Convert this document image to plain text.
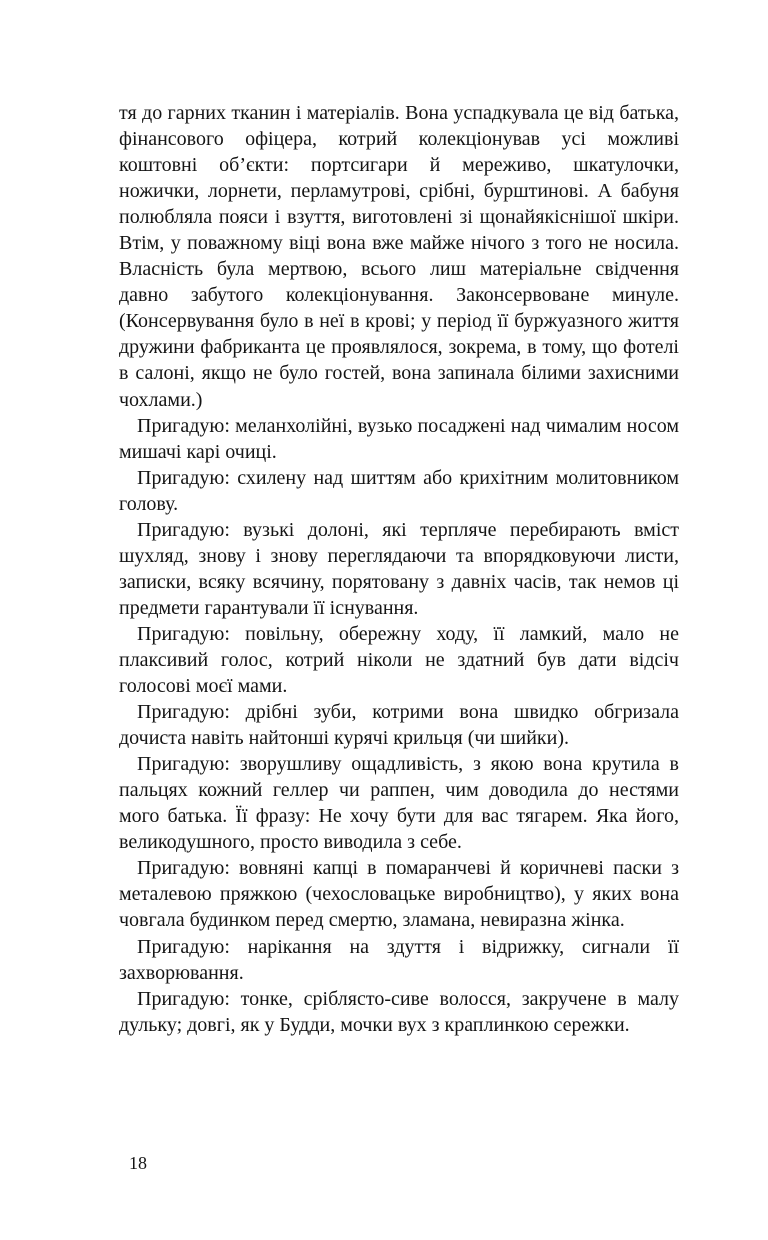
тя до гарних тканин і матеріалів. Вона успадкувала це від батька, фінансового офіцера, котрий колекціонував усі можливі коштовні об’єкти: портсигари й мереживо, шкатулочки, ножички, лорнети, перламутрові, срібні, бурштинові. А бабуня полюбляла пояси і взуття, виготовлені зі щонайякіснішої шкіри. Втім, у поважному віці вона вже майже нічого з того не носила. Власність була мертвою, всього лиш матеріальне свідчення давно забутого колекціонування. Законсервоване минуле. (Консервування було в неї в крові; у період її буржуазного життя дружини фабриканта це проявлялося, зокрема, в тому, що фотелі в салоні, якщо не було гостей, вона запинала білими захисними чохлами.)

Пригадую: меланхолійні, вузько посаджені над чималим носом мишачі карі очиці.

Пригадую: схилену над шиттям або крихітним молитовником голову.

Пригадую: вузькі долоні, які терпляче перебирають вміст шухляд, знову і знову переглядаючи та впорядковуючи листи, записки, всяку всячину, порятовану з давніх часів, так немов ці предмети гарантували її існування.

Пригадую: повільну, обережну ходу, її ламкий, мало не плаксивий голос, котрий ніколи не здатний був дати відсіч голосові моєї мами.

Пригадую: дрібні зуби, котрими вона швидко обгризала дочиста навіть найтонші курячі крильця (чи шийки).

Пригадую: зворушливу ощадливість, з якою вона крутила в пальцях кожний геллер чи раппен, чим доводила до нестями мого батька. Її фразу: Не хочу бути для вас тягарем. Яка його, великодушного, просто виводила з себе.

Пригадую: вовняні капці в помаранчеві й коричневі паски з металевою пряжкою (чехословацьке виробництво), у яких вона човгала будинком перед смертю, зламана, невиразна жінка.

Пригадую: нарікання на здуття і відрижку, сигнали її захворювання.

Пригадую: тонке, сріблясто-сиве волосся, закручене в малу дульку; довгі, як у Будди, мочки вух з краплинкою сережки.

18
